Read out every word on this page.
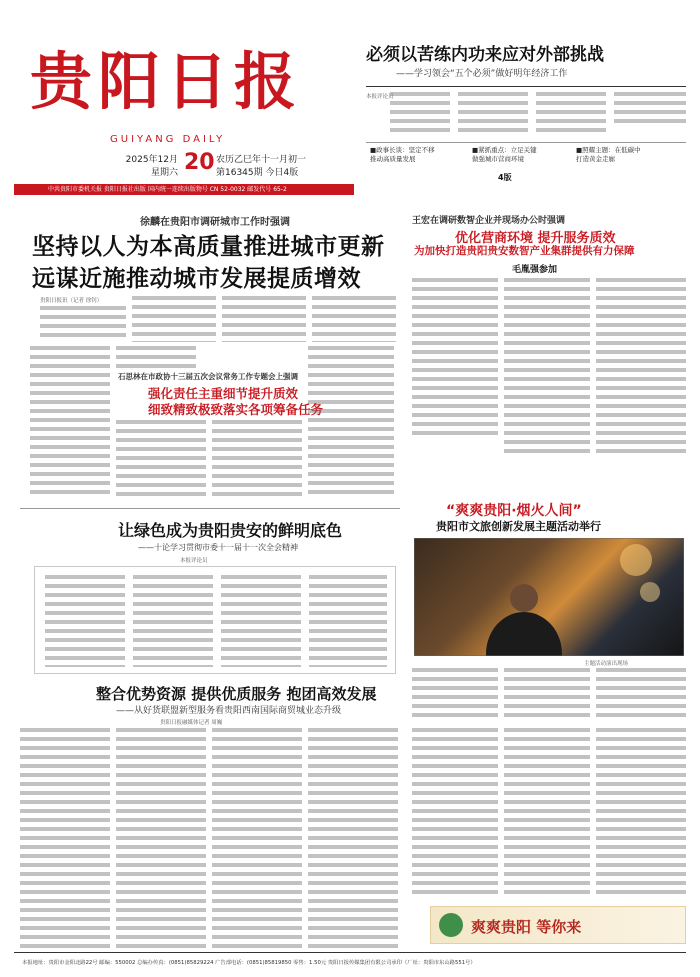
贵阳日报
GUIYANG DAILY
2025年12月
星期六 20 农历乙巳年十一月初一
第16345期 今日4版
中共贵阳市委机关报 贵阳日报社出版 国内统一连续出版物号 CN 52-0032 邮发代号 65-2
必须以苦练内功来应对外部挑战
——学习领会“五个必须”做好明年经济工作
本报评论员
■政事长谈：坚定不移
推动高质量发展
■紧抓重点：立足关键
做强城市营商环境
■照耀主题：在低碳中
打造黄金走廊
4版
徐麟在贵阳市调研城市工作时强调
坚持以人为本高质量推进城市更新
远谋近施推动城市发展提质增效
贵阳日报讯（记者 徐钊）
石思林在市政协十三届五次会议常务工作专题会上强调
强化责任主重细节提升质效
细致精致极致落实各项筹备任务
王宏在调研数智企业并现场办公时强调
优化营商环境 提升服务质效
为加快打造贵阳贵安数智产业集群提供有力保障
毛胤强参加
让绿色成为贵阳贵安的鲜明底色
——十论学习贯彻市委十一届十一次全会精神
本报评论员
“爽爽贵阳·烟火人间”
贵阳市文旅创新发展主题活动举行
主题活动演出现场
整合优势资源 提供优质服务 抱团高效发展
——从好货联盟新型服务看贵阳西南国际商贸城业态升级
贵阳日报融媒体记者 周巍
爽爽贵阳 等你来
本报地址：贵阳市金阳北路22号 邮编：550002 总编办传真：(0851)85829224 广告部电话：(0851)85819850 零售：1.50元 贵阳日报传媒集团有限公司承印（厂址：贵阳市东山路551号）
